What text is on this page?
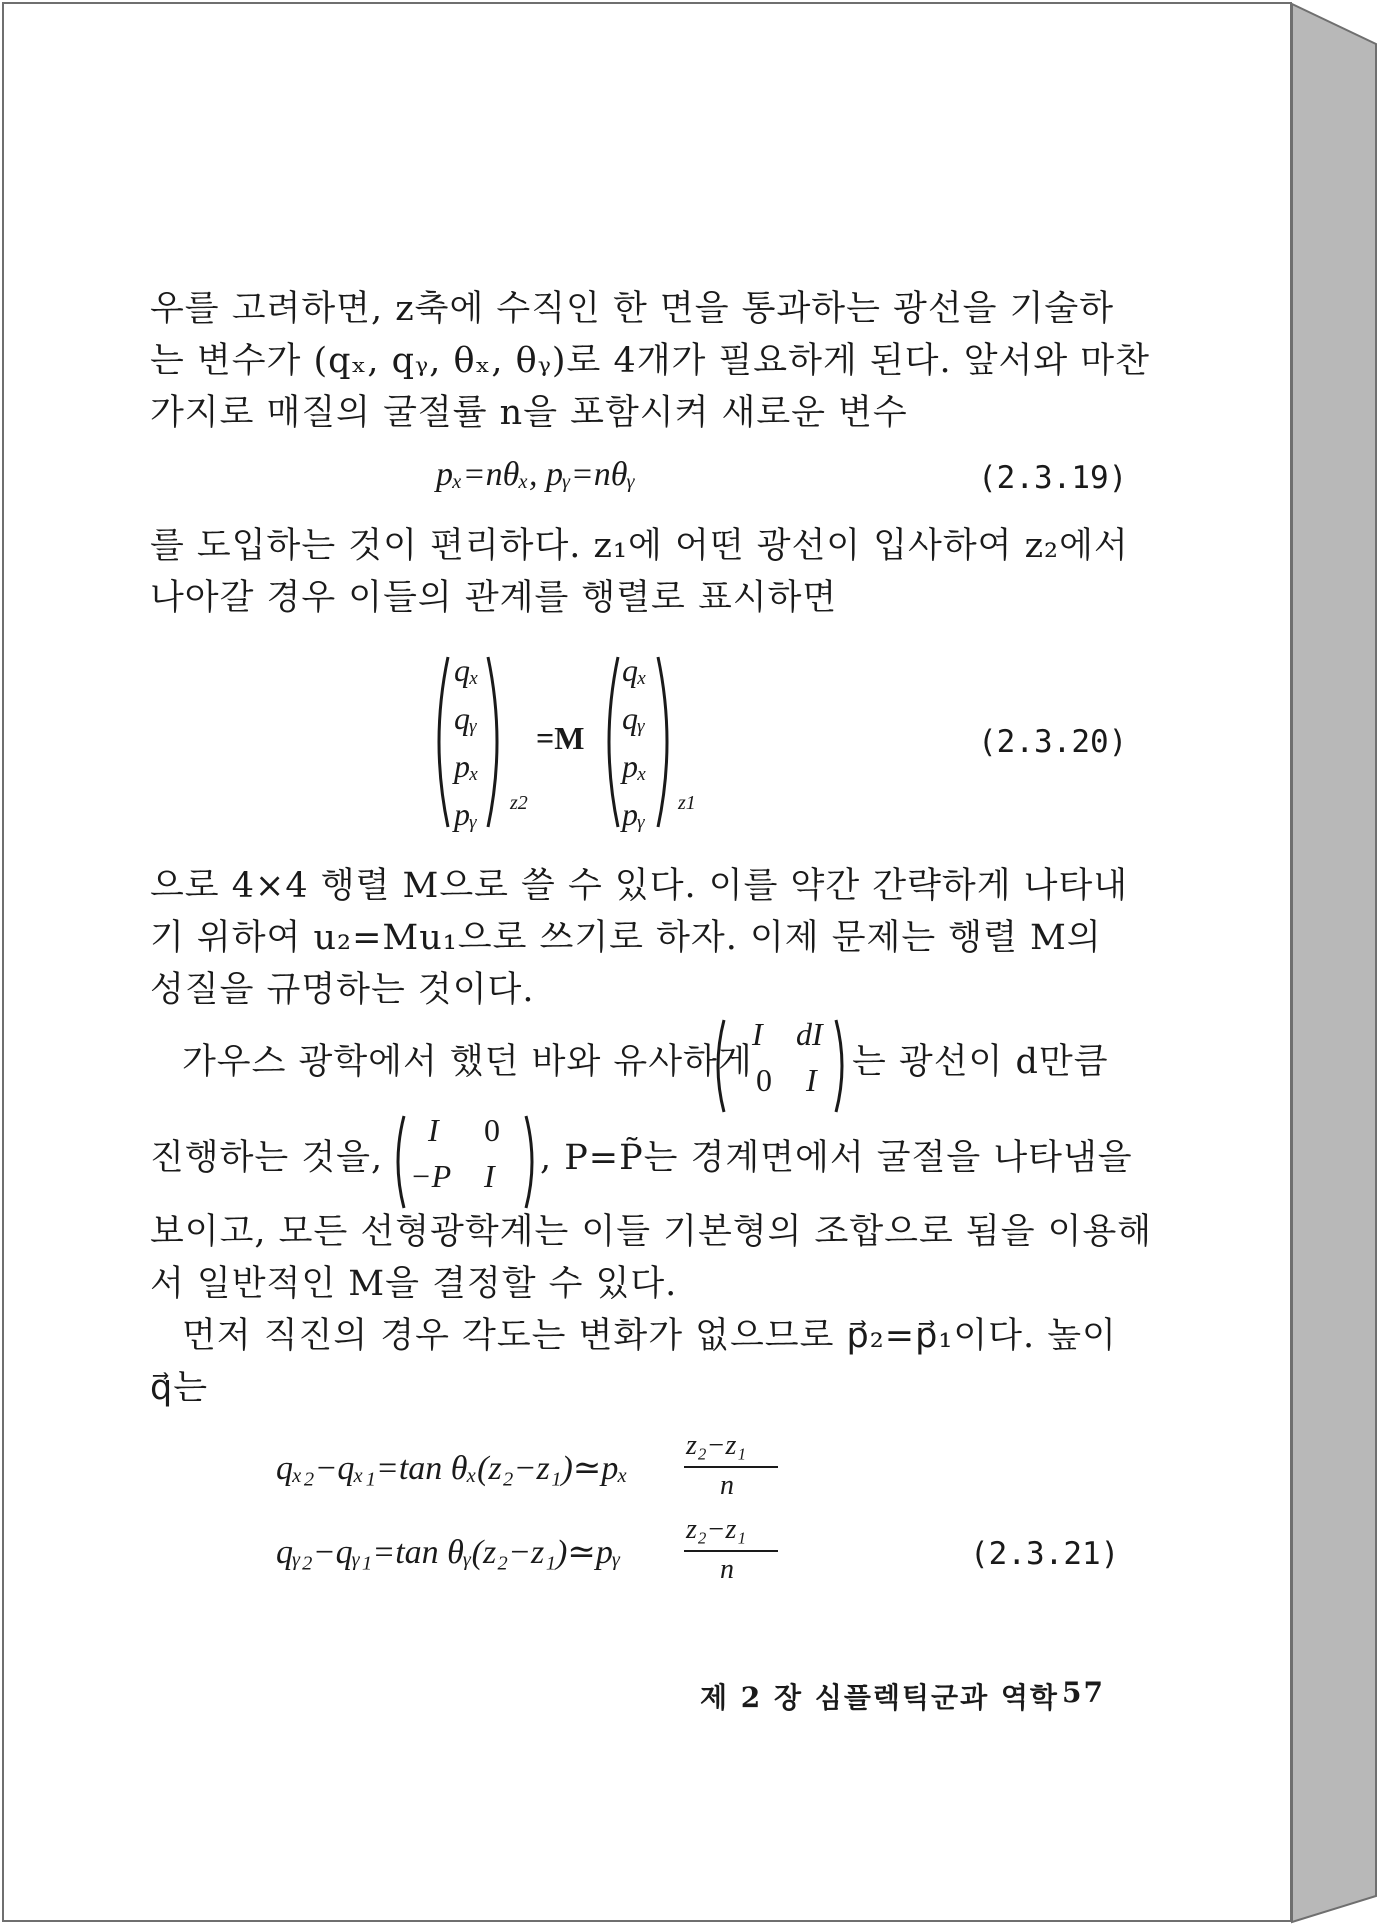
우를 고려하면, z축에 수직인 한 면을 통과하는 광선을 기술하
는 변수가 (qₓ, qᵧ, θₓ, θᵧ)로 4개가 필요하게 된다. 앞서와 마찬
가지로 매질의 굴절률 n을 포함시켜 새로운 변수
pₓ=nθₓ, pᵧ=nθᵧ	(2.3.19)
를 도입하는 것이 편리하다. z₁에 어떤 광선이 입사하여 z₂에서
나아갈 경우 이들의 관계를 행렬로 표시하면
qₓ
qᵧ
pₓ
pᵧ z2
=M
qₓ
qᵧ
pₓ
pᵧ z1
(2.3.20)
으로 4×4 행렬 M으로 쓸 수 있다. 이를 약간 간략하게 나타내
기 위하여 u₂=Mu₁으로 쓰기로 하자. 이제 문제는 행렬 M의
성질을 규명하는 것이다.
가우스 광학에서 했던 바와 유사하게
I dI
0 I 는 광선이 d만큼
진행하는 것을,
I 0
−P I , P=P̃는 경계면에서 굴절을 나타냄을
보이고, 모든 선형광학계는 이들 기본형의 조합으로 됨을 이용해
서 일반적인 M을 결정할 수 있다.
먼저 직진의 경우 각도는 변화가 없으므로 p⃗₂=p⃗₁이다. 높이
q⃗는
qₓ₂−qₓ₁=tan θₓ(z₂−z₁)≃pₓ
z₂−z₁
n
qᵧ₂−qᵧ₁=tan θᵧ(z₂−z₁)≃pᵧ
z₂−z₁
n	(2.3.21)
제 2 장 심플렉틱군과 역학 57
